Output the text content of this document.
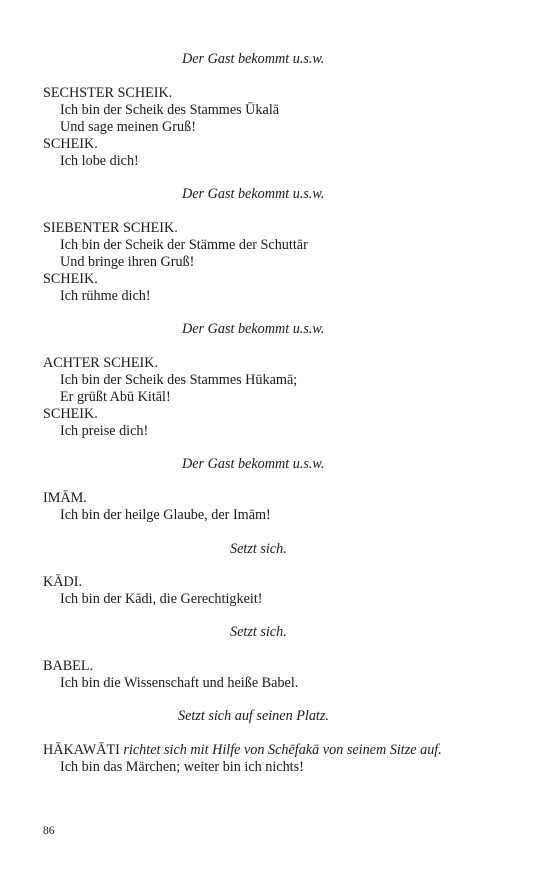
Der Gast bekommt u.s.w.
SECHSTER SCHEIK.
Ich bin der Scheik des Stammes Ūkalā
Und sage meinen Gruß!
SCHEIK.
Ich lobe dich!
Der Gast bekommt u.s.w.
SIEBENTER SCHEIK.
Ich bin der Scheik der Stämme der Schuttār
Und bringe ihren Gruß!
SCHEIK.
Ich rühme dich!
Der Gast bekommt u.s.w.
ACHTER SCHEIK.
Ich bin der Scheik des Stammes Hūkamā;
Er grüßt Abū Kitāl!
SCHEIK.
Ich preise dich!
Der Gast bekommt u.s.w.
IMĀM.
Ich bin der heilge Glaube, der Imām!
Setzt sich.
KĀDI.
Ich bin der Kādi, die Gerechtigkeit!
Setzt sich.
BABEL.
Ich bin die Wissenschaft und heiße Babel.
Setzt sich auf seinen Platz.
HĀKAWĀTI richtet sich mit Hilfe von Schēfakā von seinem Sitze auf.
Ich bin das Märchen; weiter bin ich nichts!
86
